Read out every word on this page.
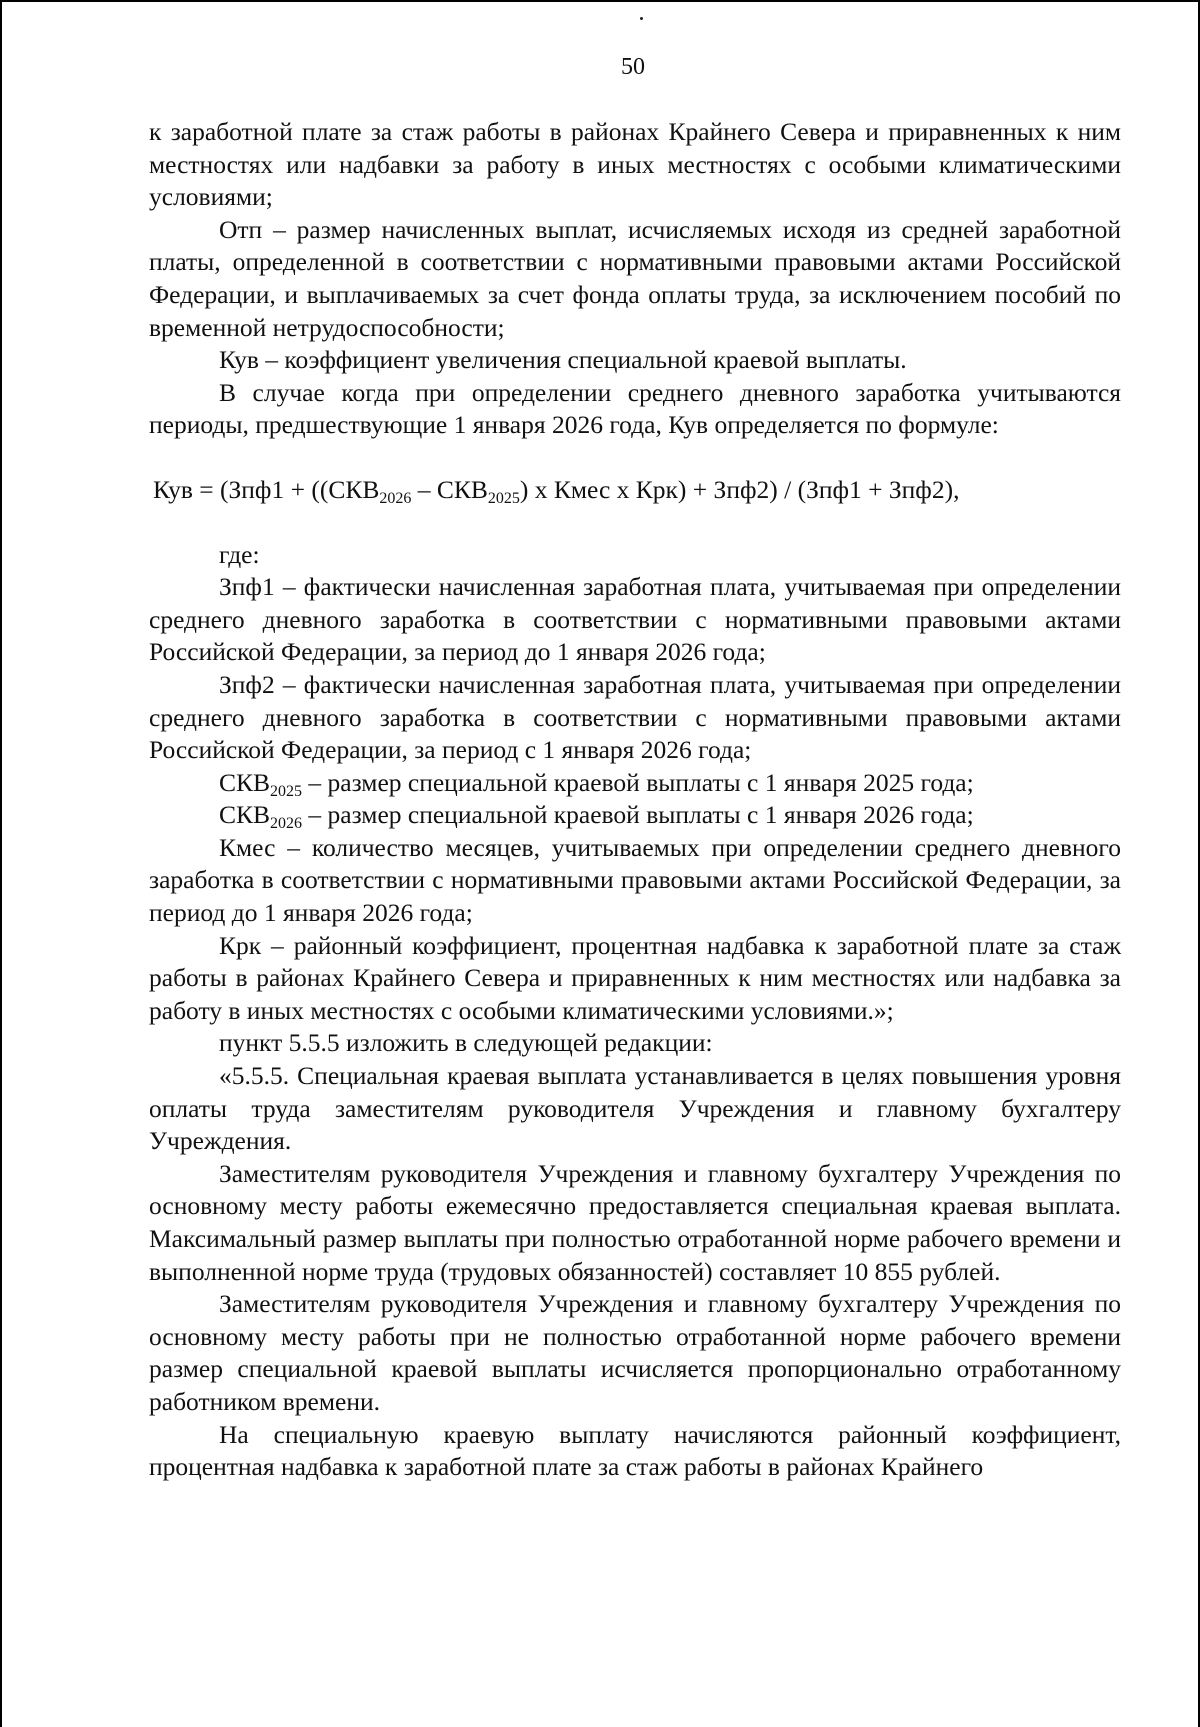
50

к заработной плате за стаж работы в районах Крайнего Севера и приравненных к ним местностях или надбавки за работу в иных местностях с особыми климатическими условиями;

Отп – размер начисленных выплат, исчисляемых исходя из средней заработной платы, определенной в соответствии с нормативными правовыми актами Российской Федерации, и выплачиваемых за счет фонда оплаты труда, за исключением пособий по временной нетрудоспособности;

Кув – коэффициент увеличения специальной краевой выплаты.

В случае когда при определении среднего дневного заработка учитываются периоды, предшествующие 1 января 2026 года, Кув определяется по формуле:

Кув = ($Зпф1 + ((СКВ_{2026} - СКВ_{2025})$ х Кмес х Крк) + Зпф2) / (Зпф1 + Зпф2),

где:

Зпф1 – фактически начисленная заработная плата, учитываемая при определении среднего дневного заработка в соответствии с нормативными правовыми актами Российской Федерации, за период до 1 января 2026 года;

Зпф2 – фактически начисленная заработная плата, учитываемая при определении среднего дневного заработка в соответствии с нормативными правовыми актами Российской Федерации, за период с 1 января 2026 года;

$СКВ_{2025}$ – размер специальной краевой выплаты с 1 января 2025 года;

$СКВ_{2026}$ – размер специальной краевой выплаты с 1 января 2026 года;

Кмес – количество месяцев, учитываемых при определении среднего дневного заработка в соответствии с нормативными правовыми актами Российской Федерации, за период до 1 января 2026 года;

Крк – районный коэффициент, процентная надбавка к заработной плате за стаж работы в районах Крайнего Севера и приравненных к ним местностях или надбавка за работу в иных местностях с особыми климатическими условиями.»;

пункт 5.5.5 изложить в следующей редакции:

«5.5.5. Специальная краевая выплата устанавливается в целях повышения уровня оплаты труда заместителям руководителя Учреждения и главному бухгалтеру Учреждения.

Заместителям руководителя Учреждения и главному бухгалтеру Учреждения по основному месту работы ежемесячно предоставляется специальная краевая выплата. Максимальный размер выплаты при полностью отработанной норме рабочего времени и выполненной норме труда (трудовых обязанностей) составляет 10 855 рублей.

Заместителям руководителя Учреждения и главному бухгалтеру Учреждения по основному месту работы при не полностью отработанной норме рабочего времени размер специальной краевой выплаты исчисляется пропорционально отработанному работником времени.

На специальную краевую выплату начисляются районный коэффициент, процентная надбавка к заработной плате за стаж работы в районах Крайнего
